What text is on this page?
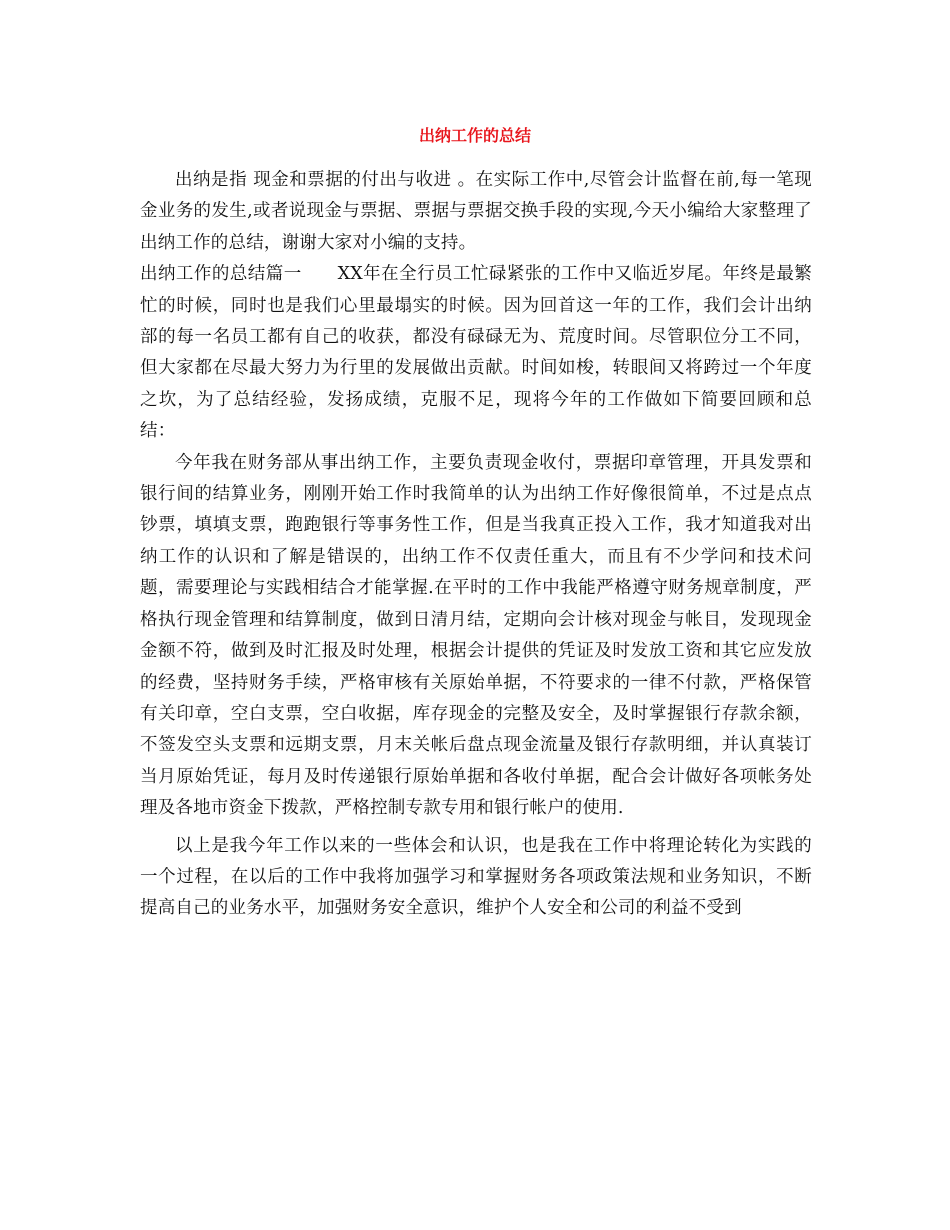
出纳工作的总结

出纳是指 现金和票据的付出与收进 。在实际工作中,尽管会计监督在前,每一笔现金业务的发生,或者说现金与票据、票据与票据交换手段的实现,今天小编给大家整理了出纳工作的总结，谢谢大家对小编的支持。

出纳工作的总结篇一　　XX年在全行员工忙碌紧张的工作中又临近岁尾。年终是最繁忙的时候，同时也是我们心里最塌实的时候。因为回首这一年的工作，我们会计出纳部的每一名员工都有自己的收获，都没有碌碌无为、荒度时间。尽管职位分工不同，但大家都在尽最大努力为行里的发展做出贡献。时间如梭，转眼间又将跨过一个年度之坎，为了总结经验，发扬成绩，克服不足，现将今年的工作做如下简要回顾和总结：

今年我在财务部从事出纳工作，主要负责现金收付，票据印章管理，开具发票和银行间的结算业务，刚刚开始工作时我简单的认为出纳工作好像很简单，不过是点点钞票，填填支票，跑跑银行等事务性工作，但是当我真正投入工作，我才知道我对出纳工作的认识和了解是错误的，出纳工作不仅责任重大，而且有不少学问和技术问题，需要理论与实践相结合才能掌握.在平时的工作中我能严格遵守财务规章制度，严格执行现金管理和结算制度，做到日清月结，定期向会计核对现金与帐目，发现现金金额不符，做到及时汇报及时处理，根据会计提供的凭证及时发放工资和其它应发放的经费，坚持财务手续，严格审核有关原始单据，不符要求的一律不付款，严格保管有关印章，空白支票，空白收据，库存现金的完整及安全，及时掌握银行存款余额，不签发空头支票和远期支票，月末关帐后盘点现金流量及银行存款明细，并认真装订当月原始凭证，每月及时传递银行原始单据和各收付单据，配合会计做好各项帐务处理及各地市资金下拨款，严格控制专款专用和银行帐户的使用.

以上是我今年工作以来的一些体会和认识，也是我在工作中将理论转化为实践的一个过程，在以后的工作中我将加强学习和掌握财务各项政策法规和业务知识，不断提高自己的业务水平，加强财务安全意识，维护个人安全和公司的利益不受到
